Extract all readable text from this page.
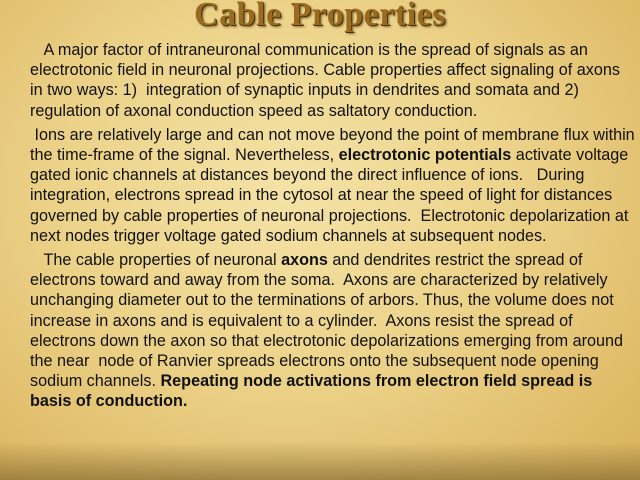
Cable Properties

A major factor of intraneuronal communication is the spread of signals as an electrotonic field in neuronal projections. Cable properties affect signaling of axons in two ways: 1)  integration of synaptic inputs in dendrites and somata and 2) regulation of axonal conduction speed as saltatory conduction.

Ions are relatively large and can not move beyond the point of membrane flux within the time-frame of the signal. Nevertheless, electrotonic potentials activate voltage gated ionic channels at distances beyond the direct influence of ions.   During integration, electrons spread in the cytosol at near the speed of light for distances governed by cable properties of neuronal projections.  Electrotonic depolarization at next nodes trigger voltage gated sodium channels at subsequent nodes.

The cable properties of neuronal axons and dendrites restrict the spread of electrons toward and away from the soma.  Axons are characterized by relatively unchanging diameter out to the terminations of arbors. Thus, the volume does not increase in axons and is equivalent to a cylinder.  Axons resist the spread of electrons down the axon so that electrotonic depolarizations emerging from around the near  node of Ranvier spreads electrons onto the subsequent node opening sodium channels. Repeating node activations from electron field spread is basis of conduction.
